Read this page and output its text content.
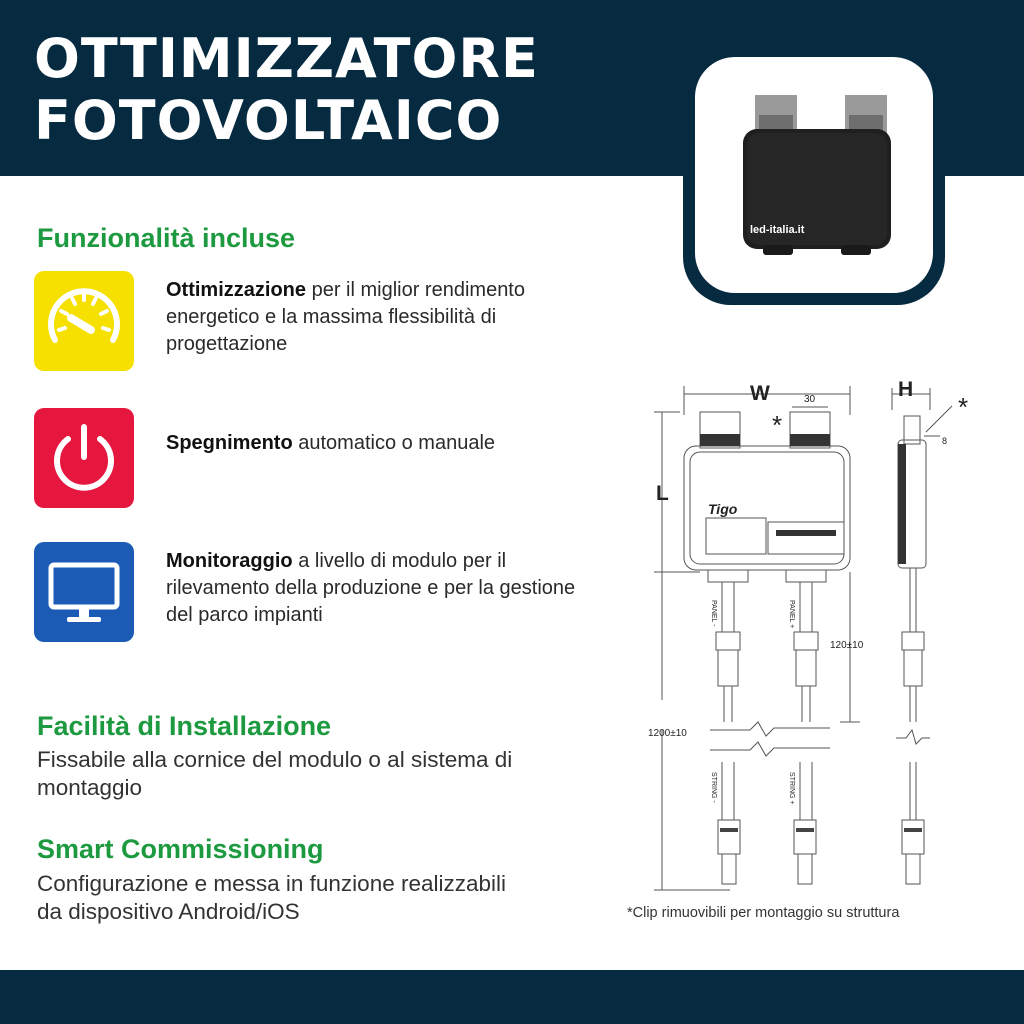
OTTIMIZZATORE
FOTOVOLTAICO
led-italia.it
Funzionalità incluse
Ottimizzazione per il miglior rendimento energetico e la massima flessibilità di progettazione
Spegnimento automatico o manuale
Monitoraggio a livello di modulo per il rilevamento della produzione e per la gestione del parco impianti
Facilità di Installazione

Fissabile alla cornice del modulo o al sistema di montaggio

Smart Commissioning

Configurazione e messa in funzione realizzabili da dispositivo Android/iOS

W	30
*
H
*
8
L
120±10
1200±10
Tigo
PANEL -	PANEL +
STRING -	STRING +
*Clip rimuovibili per montaggio su struttura
